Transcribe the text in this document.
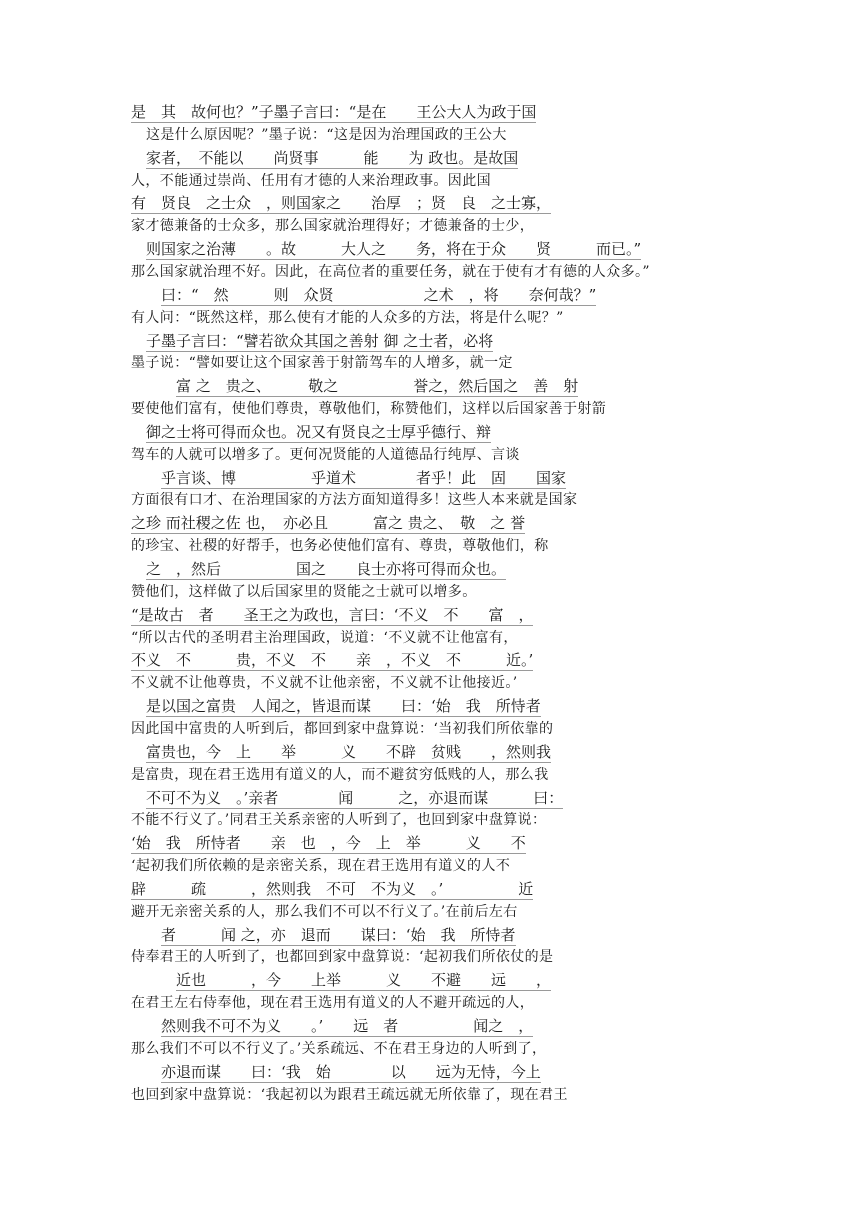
是　其　故何也？”子墨子言曰：“是在　　王公大人为政于国
这是什么原因呢？”墨子说：“这是因为治理国政的王公大
家者，　不能以　　尚贤事　　　能　　为 政也。是故国
人，不能通过崇尚、任用有才德的人来治理政事。因此国
有　贤良　之士众　，则国家之　　治厚　；贤　良　之士寡，
家才德兼备的士众多，那么国家就治理得好；才德兼备的士少，
则国家之治薄　　。故　　　大人之　　务，将在于众　　贤　　　而已。”
那么国家就治理不好。因此，在高位者的重要任务，就在于使有才有德的人众多。”
曰：“　然　　　则　众贤　　　　　　之术　，将　　奈何哉？”
有人问：“既然这样，那么使有才能的人众多的方法，将是什么呢？”
子墨子言曰：“譬若欲众其国之善射 御 之士者，必将
墨子说：“譬如要让这个国家善于射箭驾车的人增多，就一定
富 之　贵之、　　　敬之　　　　　誉之，然后国之　善　射
要使他们富有，使他们尊贵，尊敬他们，称赞他们，这样以后国家善于射箭
御之士将可得而众也。况又有贤良之士厚乎德行、辩
驾车的人就可以增多了。更何况贤能的人道德品行纯厚、言谈
乎言谈、博　　　　　乎道术　　　　者乎！此　固　　国家
方面很有口才、在治理国家的方法方面知道得多！这些人本来就是国家
之珍 而社稷之佐 也，　亦必且　　　富之 贵之、　敬　之 誉
的珍宝、社稷的好帮手，也务必使他们富有、尊贵，尊敬他们，称
之　，然后　　　　　国之　　良士亦将可得而众也。
赞他们，这样做了以后国家里的贤能之士就可以增多。
“是故古　者　　圣王之为政也，言曰：‘不义　不　　富　，
“所以古代的圣明君主治理国政，说道：‘不义就不让他富有，
不义　不　　　贵，不义　不　　亲　，不义　不　　　近。’
不义就不让他尊贵，不义就不让他亲密，不义就不让他接近。’
是以国之富贵　人闻之，皆退而谋　　曰：‘始　我　所恃者
因此国中富贵的人听到后，都回到家中盘算说：‘当初我们所依靠的
富贵也，今　上　　举　　　义　　不辟　贫贱　　，然则我
是富贵，现在君王选用有道义的人，而不避贫穷低贱的人，那么我
不可不为义　。’亲者　　　　闻　　　之，亦退而谋　　　曰：
不能不行义了。’同君王关系亲密的人听到了，也回到家中盘算说：
‘始　我　所恃者　　亲　也　，今　上　举　　　义　　不
‘起初我们所依赖的是亲密关系，现在君王选用有道义的人不
辟　　　疏　　　，然则我　不可　不为义　。’　　　　　近
避开无亲密关系的人，那么我们不可以不行义了。’在前后左右
者　　　闻 之，亦　退而　　谋曰：‘始　我　所恃者
侍奉君王的人听到了，也都回到家中盘算说：‘起初我们所依仗的是
近也　　　，今　　上举　　　义　　不避　　远　　，
在君王左右侍奉他，现在君王选用有道义的人不避开疏远的人，
然则我不可不为义　　。’　　远　者　　　　　闻之　，
那么我们不可以不行义了。’关系疏远、不在君王身边的人听到了，
亦退而谋　　曰：‘我　始　　　　以　　远为无恃，今上
也回到家中盘算说：‘我起初以为跟君王疏远就无所依靠了，现在君王
